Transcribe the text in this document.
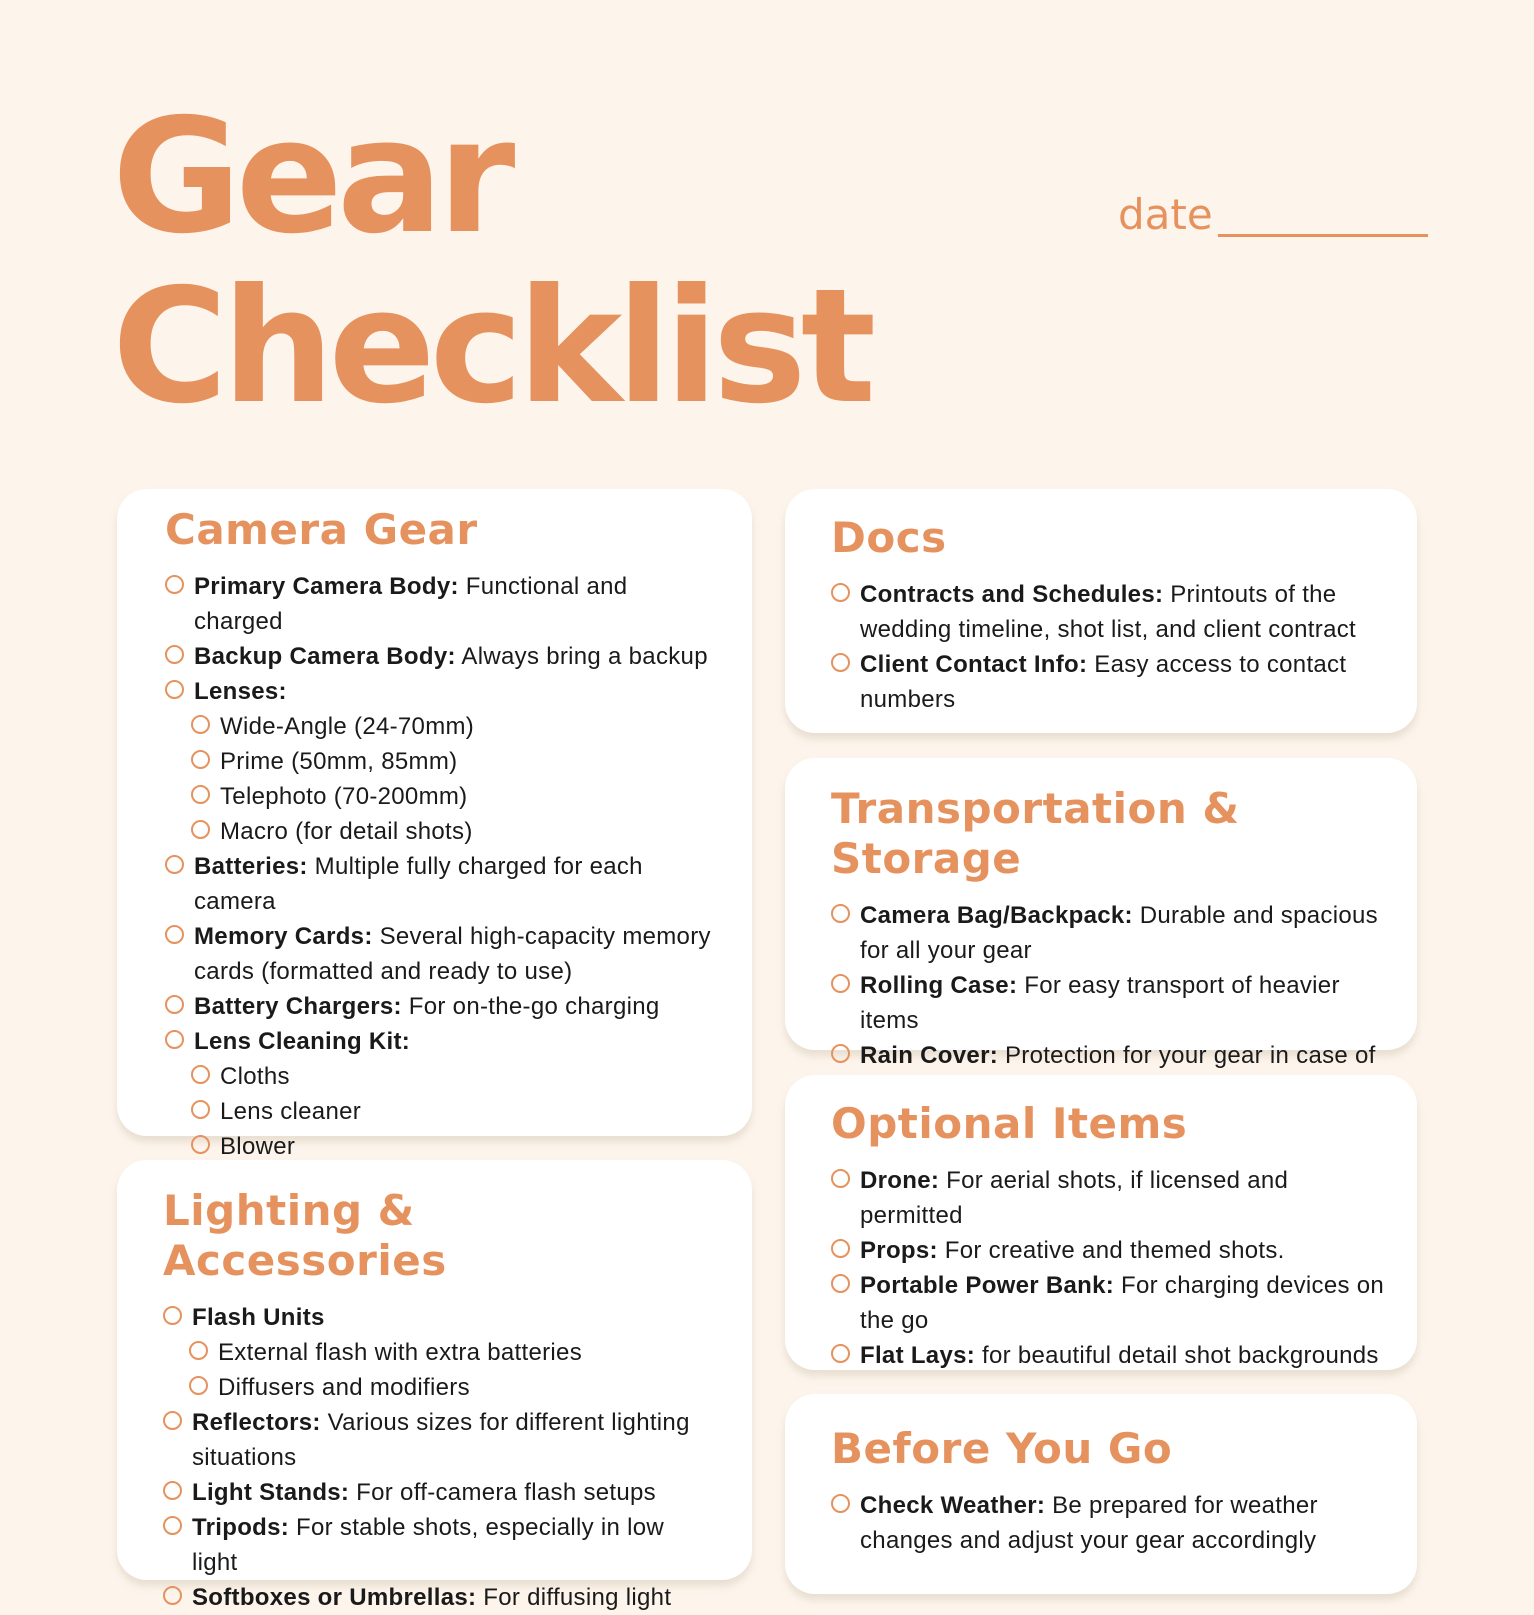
Gear
Checklist
date
Camera Gear
Primary Camera Body: Functional and charged
Backup Camera Body: Always bring a backup
Lenses:
Wide-Angle (24-70mm)
Prime (50mm, 85mm)
Telephoto (70-200mm)
Macro (for detail shots)
Batteries: Multiple fully charged for each camera
Memory Cards: Several high-capacity memory cards (formatted and ready to use)
Battery Chargers: For on-the-go charging
Lens Cleaning Kit:
Cloths
Lens cleaner
Blower
Lighting & Accessories
Flash Units
External flash with extra batteries
Diffusers and modifiers
Reflectors: Various sizes for different lighting situations
Light Stands: For off-camera flash setups
Tripods: For stable shots, especially in low light
Softboxes or Umbrellas: For diffusing light
Docs
Contracts and Schedules: Printouts of the wedding timeline, shot list, and client contract
Client Contact Info: Easy access to contact numbers
Transportation & Storage
Camera Bag/Backpack: Durable and spacious for all your gear
Rolling Case: For easy transport of heavier items
Rain Cover: Protection for your gear in case of
Optional Items
Drone: For aerial shots, if licensed and permitted
Props: For creative and themed shots.
Portable Power Bank: For charging devices on the go
Flat Lays: for beautiful detail shot backgrounds
Before You Go
Check Weather: Be prepared for weather changes and adjust your gear accordingly
